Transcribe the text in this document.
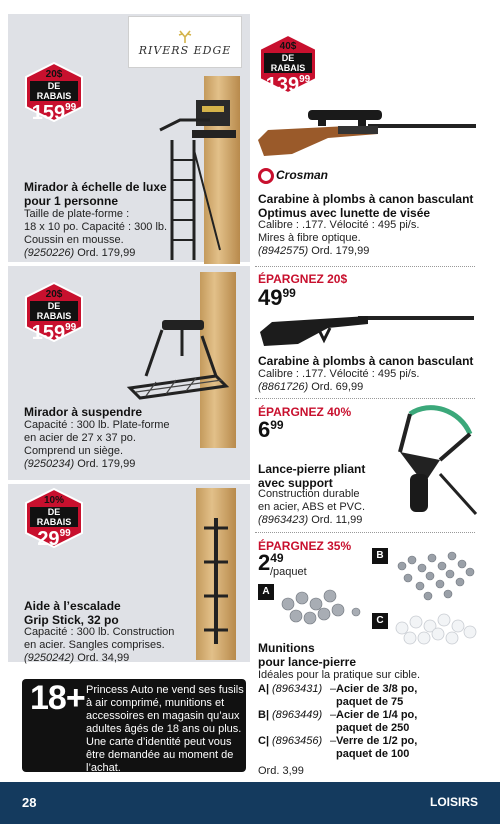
RIVERS EDGE
20$
DE RABAIS
$159^{99}$
Mirador à échelle de luxe pour 1 personne
Taille de plate-forme :
18 x 10 po. Capacité : 300 lb.
Coussin en mousse.
(9250226) Ord. 179,99
20$
DE RABAIS
$159^{99}$
Mirador à suspendre
Capacité : 300 lb. Plate-forme
en acier de 27 x 37 po.
Comprend un siège.
(9250234) Ord. 179,99
10%
DE RABAIS
$29^{99}$
Aide à l’escalade
Grip Stick, 32 po
Capacité : 300 lb. Construction
en acier. Sangles comprises.
(9250242) Ord. 34,99
18+ Princess Auto ne vend ses fusils à air comprimé, munitions et accessoires en magasin qu’aux adultes âgés de 18 ans ou plus. Une carte d’identité peut vous être demandée au moment de l’achat.
40$
DE RABAIS
$139^{99}$
Crosman
Carabine à plombs à canon basculant
Optimus avec lunette de visée
Calibre : .177. Vélocité : 495 pi/s.
Mires à fibre optique.
(8942575) Ord. 179,99
ÉPARGNEZ 20$
$49^{99}$
Carabine à plombs à canon basculant
Calibre : .177. Vélocité : 495 pi/s.
(8861726) Ord. 69,99
ÉPARGNEZ 40%
$6^{99}$
Lance-pierre pliant
avec support
Construction durable
en acier, ABS et PVC.
(8963423) Ord. 11,99
ÉPARGNEZ 35%
$2^{49}$
/paquet
B
A
C
Munitions
pour lance-pierre
Idéales pour la pratique sur cible.
A| (8963431) – Acier de 3/8 po,
paquet de 75
B| (8963449) – Acier de 1/4 po,
paquet de 250
C| (8963456) – Verre de 1/2 po,
paquet de 100
Ord. 3,99
28	LOISIRS
